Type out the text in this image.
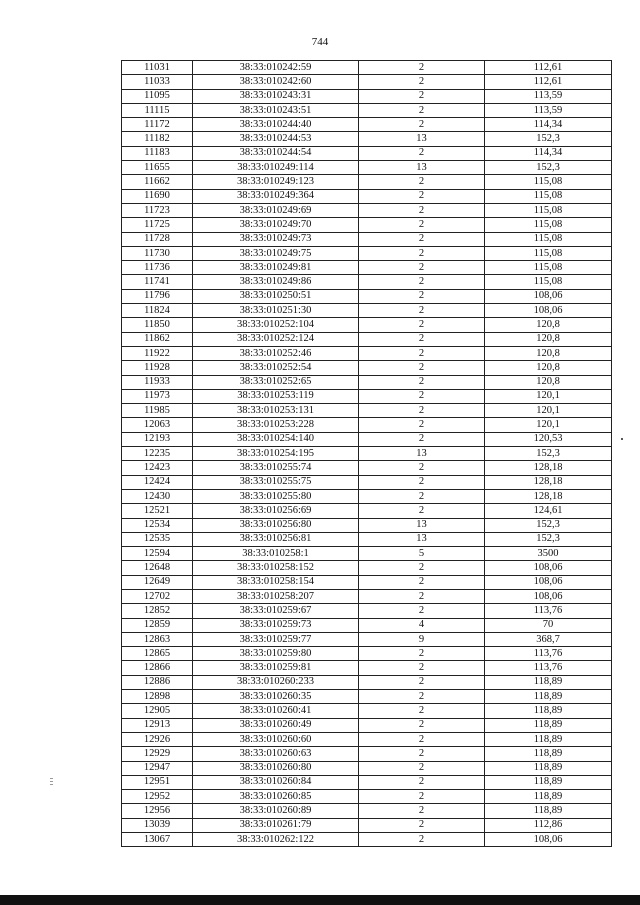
744
11031	38:33:010242:59	2	112,61
11033	38:33:010242:60	2	112,61
11095	38:33:010243:31	2	113,59
11115	38:33:010243:51	2	113,59
11172	38:33:010244:40	2	114,34
11182	38:33:010244:53	13	152,3
11183	38:33:010244:54	2	114,34
11655	38:33:010249:114	13	152,3
11662	38:33:010249:123	2	115,08
11690	38:33:010249:364	2	115,08
11723	38:33:010249:69	2	115,08
11725	38:33:010249:70	2	115,08
11728	38:33:010249:73	2	115,08
11730	38:33:010249:75	2	115,08
11736	38:33:010249:81	2	115,08
11741	38:33:010249:86	2	115,08
11796	38:33:010250:51	2	108,06
11824	38:33:010251:30	2	108,06
11850	38:33:010252:104	2	120,8
11862	38:33:010252:124	2	120,8
11922	38:33:010252:46	2	120,8
11928	38:33:010252:54	2	120,8
11933	38:33:010252:65	2	120,8
11973	38:33:010253:119	2	120,1
11985	38:33:010253:131	2	120,1
12063	38:33:010253:228	2	120,1
12193	38:33:010254:140	2	120,53
12235	38:33:010254:195	13	152,3
12423	38:33:010255:74	2	128,18
12424	38:33:010255:75	2	128,18
12430	38:33:010255:80	2	128,18
12521	38:33:010256:69	2	124,61
12534	38:33:010256:80	13	152,3
12535	38:33:010256:81	13	152,3
12594	38:33:010258:1	5	3500
12648	38:33:010258:152	2	108,06
12649	38:33:010258:154	2	108,06
12702	38:33:010258:207	2	108,06
12852	38:33:010259:67	2	113,76
12859	38:33:010259:73	4	70
12863	38:33:010259:77	9	368,7
12865	38:33:010259:80	2	113,76
12866	38:33:010259:81	2	113,76
12886	38:33:010260:233	2	118,89
12898	38:33:010260:35	2	118,89
12905	38:33:010260:41	2	118,89
12913	38:33:010260:49	2	118,89
12926	38:33:010260:60	2	118,89
12929	38:33:010260:63	2	118,89
12947	38:33:010260:80	2	118,89
12951	38:33:010260:84	2	118,89
12952	38:33:010260:85	2	118,89
12956	38:33:010260:89	2	118,89
13039	38:33:010261:79	2	112,86
13067	38:33:010262:122	2	108,06
